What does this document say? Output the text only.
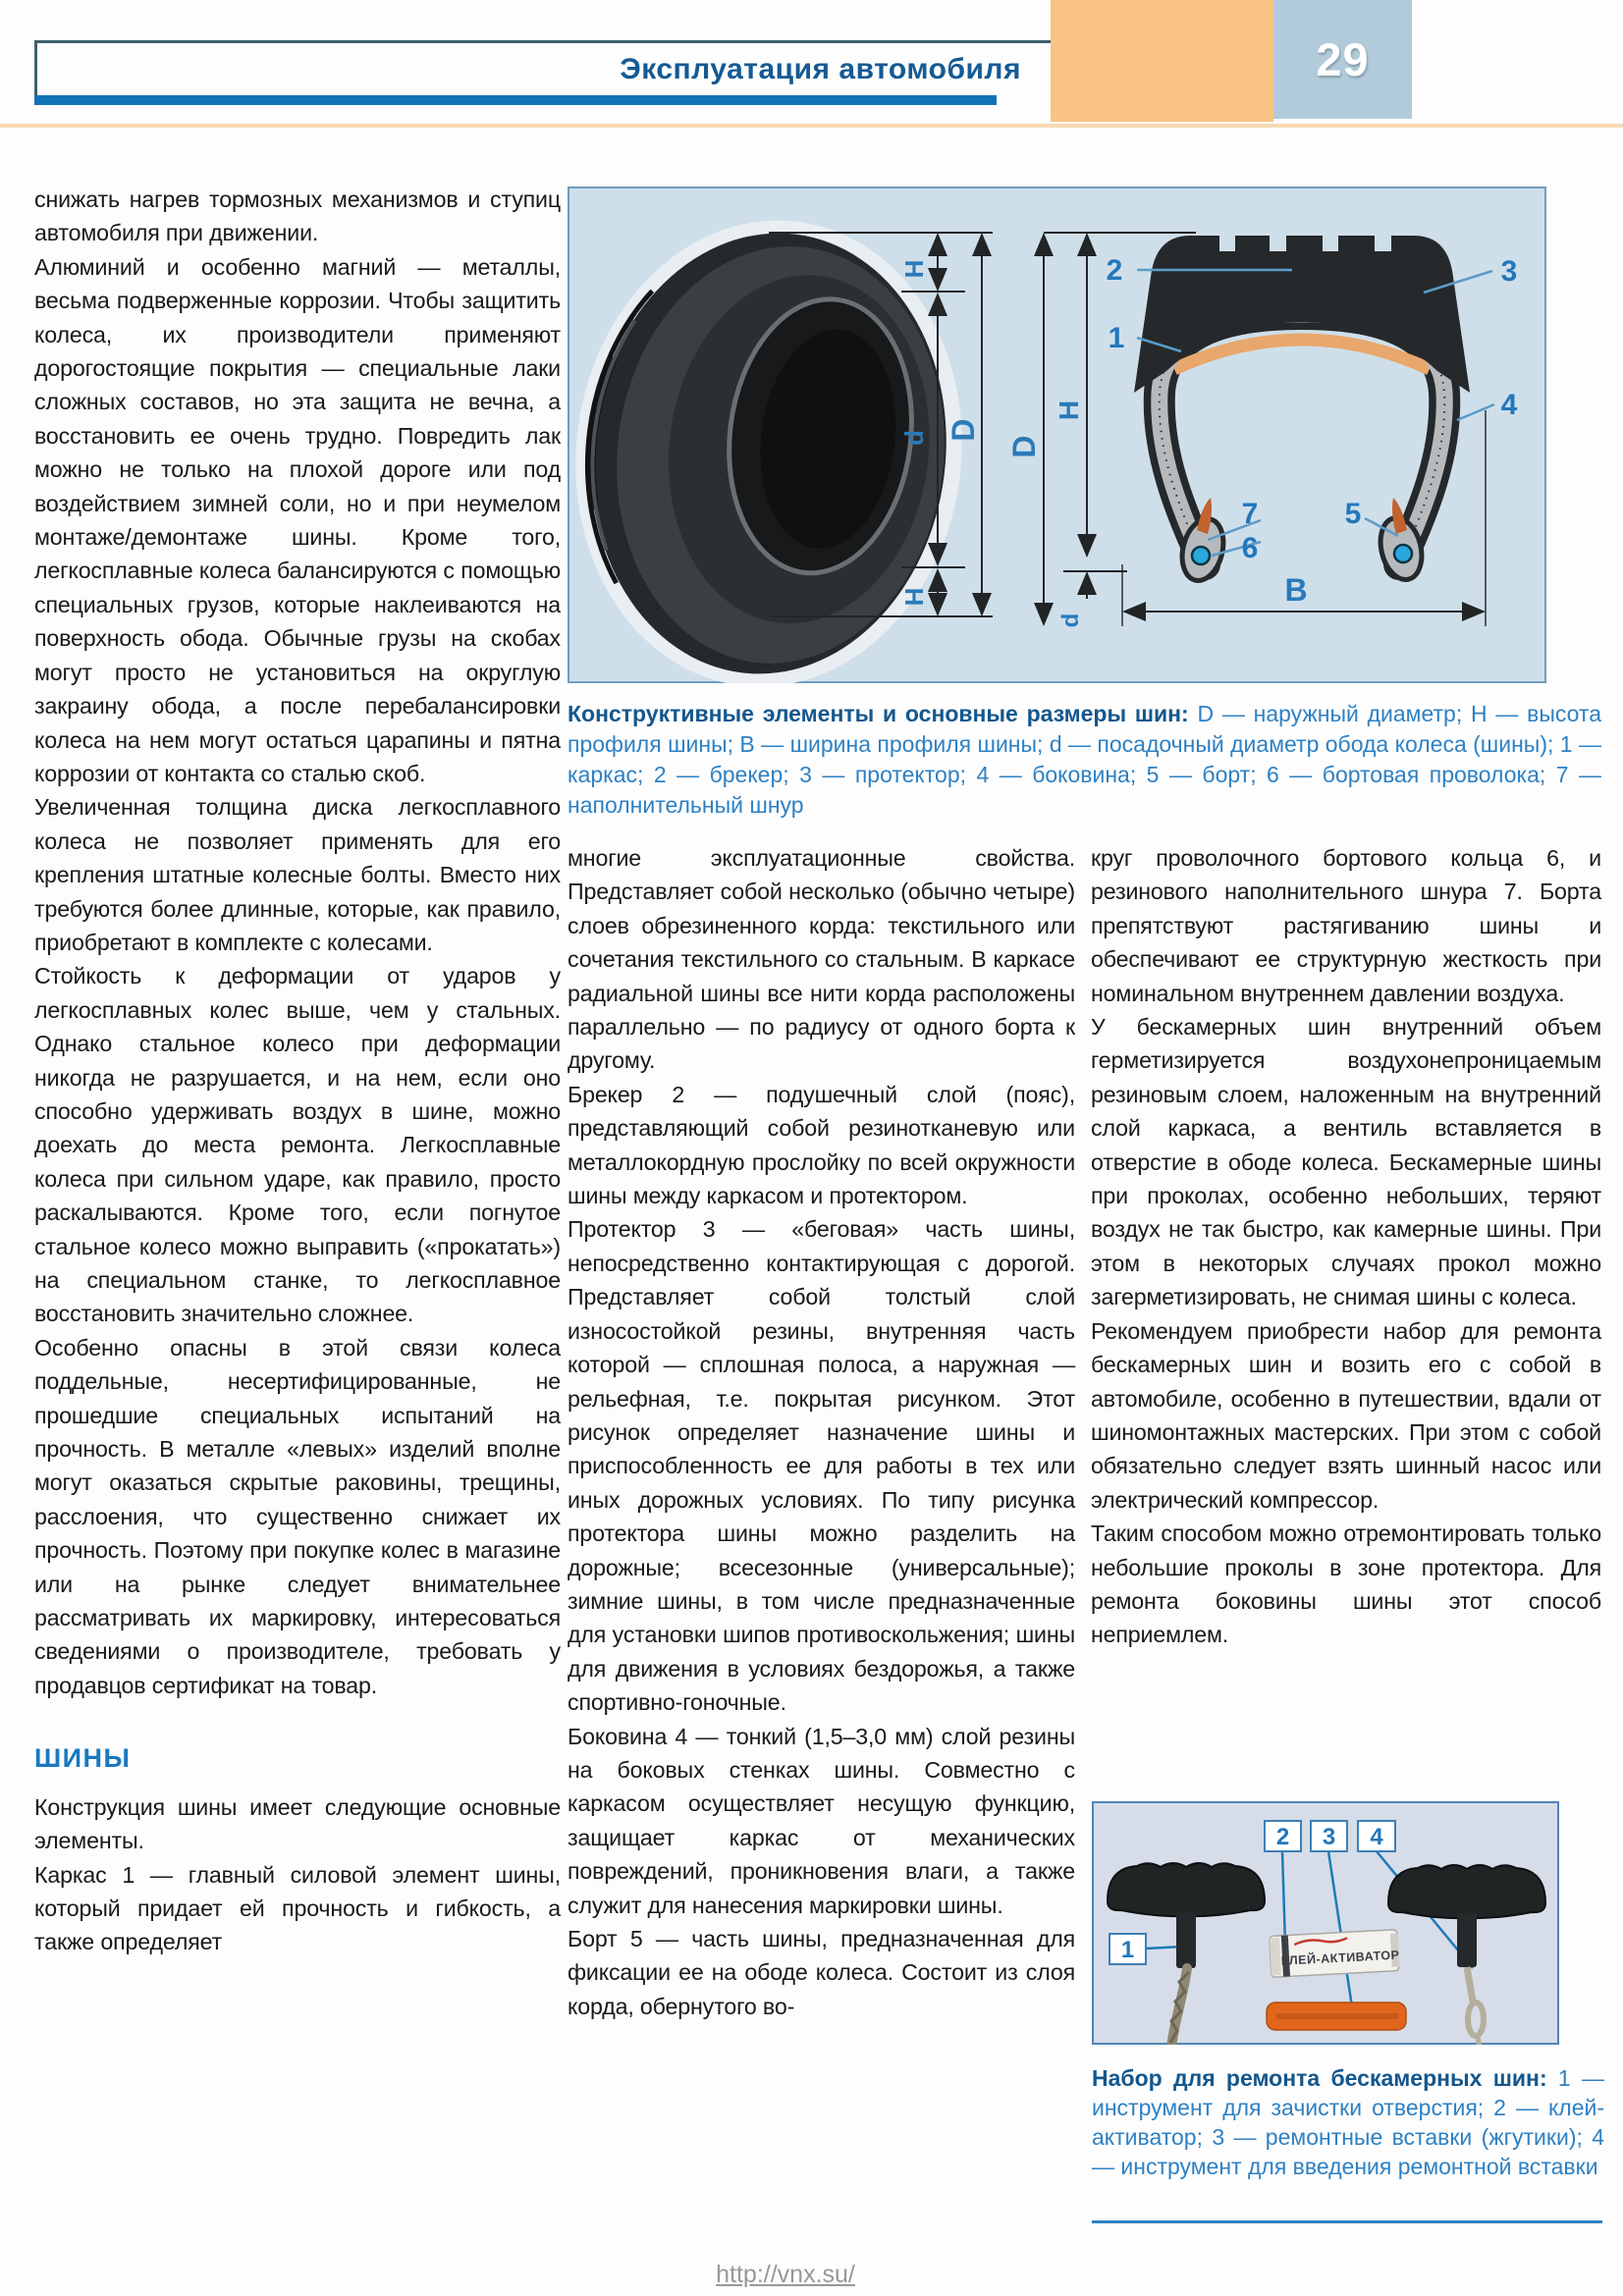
Эксплуатация автомобиля	29
H
d
H
D
D
H
d
B
2
1
3
4
7
6
5
Конструктивные элементы и основные размеры шин: D — наружный диаметр; H — высота профиля шины; B — ширина профиля шины; d — посадочный диаметр обода колеса (шины); 1 — каркас; 2 — брекер; 3 — протектор; 4 — боковина; 5 — борт; 6 — бортовая проволока; 7 — наполнительный шнур

снижать нагрев тормозных механизмов и ступиц автомобиля при движении.

Алюминий и особенно магний — металлы, весьма подверженные коррозии. Чтобы защитить колеса, их производители применяют дорогостоящие покрытия — специальные лаки сложных составов, но эта защита не вечна, а восстановить ее очень трудно. Повредить лак можно не только на плохой дороге или под воздействием зимней соли, но и при неумелом монтаже/демонтаже шины. Кроме того, легкосплавные колеса балансируются с помощью специальных грузов, которые наклеиваются на поверхность обода. Обычные грузы на скобах могут просто не установиться на округлую закраину обода, а после перебалансировки колеса на нем могут остаться царапины и пятна коррозии от контакта со сталью скоб.

Увеличенная толщина диска легкосплавного колеса не позволяет применять для его крепления штатные колесные болты. Вместо них требуются более длинные, которые, как правило, приобретают в комплекте с колесами.

Стойкость к деформации от ударов у легкосплавных колес выше, чем у стальных. Однако стальное колесо при деформации никогда не разрушается, и на нем, если оно способно удерживать воздух в шине, можно доехать до места ремонта. Легкосплавные колеса при сильном ударе, как правило, просто раскалываются. Кроме того, если погнутое стальное колесо можно выправить («прокатать») на специальном станке, то легкосплавное восстановить значительно сложнее.

Особенно опасны в этой связи колеса поддельные, несертифицированные, не прошедшие специальных испытаний на прочность. В металле «левых» изделий вполне могут оказаться скрытые раковины, трещины, расслоения, что существенно снижает их прочность. Поэтому при покупке колес в магазине или на рынке следует внимательнее рассматривать их маркировку, интересоваться сведениями о производителе, требовать у продавцов сертификат на товар.

ШИНЫ

Конструкция шины имеет следующие основные элементы.

Каркас 1 — главный силовой элемент шины, который придает ей прочность и гибкость, а также определяет

многие эксплуатационные свойства. Представляет собой несколько (обычно четыре) слоев обрезиненного корда: текстильного или сочетания текстильного со стальным. В каркасе радиальной шины все нити корда расположены параллельно — по радиусу от одного борта к другому.

Брекер 2 — подушечный слой (пояс), представляющий собой резинотканевую или металлокордную прослойку по всей окружности шины между каркасом и протектором.

Протектор 3 — «беговая» часть шины, непосредственно контактирующая с дорогой. Представляет собой толстый слой износостойкой резины, внутренняя часть которой — сплошная полоса, а наружная — рельефная, т.е. покрытая рисунком. Этот рисунок определяет назначение шины и приспособленность ее для работы в тех или иных дорожных условиях. По типу рисунка протектора шины можно разделить на дорожные; всесезонные (универсальные); зимние шины, в том числе предназначенные для установки шипов противоскольжения; шины для движения в условиях бездорожья, а также спортивно-гоночные.

Боковина 4 — тонкий (1,5–3,0 мм) слой резины на боковых стенках шины. Совместно с каркасом осуществляет несущую функцию, защищает каркас от механических повреждений, проникновения влаги, а также служит для нанесения маркировки шины.

Борт 5 — часть шины, предназначенная для фиксации ее на ободе колеса. Состоит из слоя корда, обернутого во-

круг проволочного бортового кольца 6, и резинового наполнительного шнура 7. Борта препятствуют растягиванию шины и обеспечивают ее структурную жесткость при номинальном внутреннем давлении воздуха.

У бескамерных шин внутренний объем герметизируется воздухонепроницаемым резиновым слоем, наложенным на внутренний слой каркаса, а вентиль вставляется в отверстие в ободе колеса. Бескамерные шины при проколах, особенно небольших, теряют воздух не так быстро, как камерные шины. При этом в некоторых случаях прокол можно загерметизировать, не снимая шины с колеса.

Рекомендуем приобрести набор для ремонта бескамерных шин и возить его с собой в автомобиле, особенно в путешествии, вдали от шиномонтажных мастерских. При этом с собой обязательно следует взять шинный насос или электрический компрессор.

Таким способом можно отремонтировать только небольшие проколы в зоне протектора. Для ремонта боковины шины этот способ неприемлем.

КЛЕЙ-АКТИВАТОР
1
2 3 4
Набор для ремонта бескамерных шин: 1 — инструмент для зачистки отверстия; 2 — клей-активатор; 3 — ремонтные вставки (жгутики); 4 — инструмент для введения ремонтной вставки
http://vnx.su/
